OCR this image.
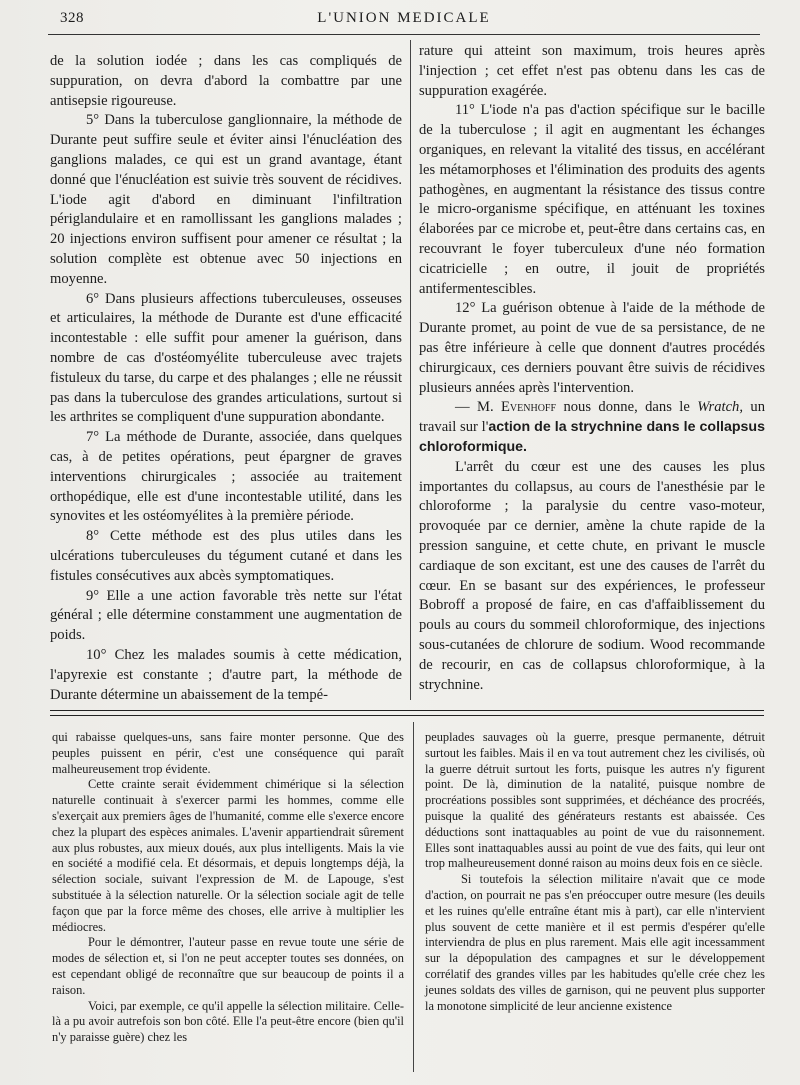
328	L'UNION MEDICALE

de la solution iodée ; dans les cas compliqués de suppuration, on devra d'abord la combattre par une antisepsie rigoureuse.

5° Dans la tuberculose ganglionnaire, la méthode de Durante peut suffire seule et éviter ainsi l'énucléation des ganglions malades, ce qui est un grand avantage, étant donné que l'énucléation est suivie très souvent de récidives. L'iode agit d'abord en diminuant l'infiltration périglandulaire et en ramollissant les ganglions malades ; 20 injections environ suffisent pour amener ce résultat ; la solution complète est obtenue avec 50 injections en moyenne.

6° Dans plusieurs affections tuberculeuses, osseuses et articulaires, la méthode de Durante est d'une efficacité incontestable : elle suffit pour amener la guérison, dans nombre de cas d'ostéomyélite tuberculeuse avec trajets fistuleux du tarse, du carpe et des phalanges ; elle ne réussit pas dans la tuberculose des grandes articulations, surtout si les arthrites se compliquent d'une suppuration abondante.

7° La méthode de Durante, associée, dans quelques cas, à de petites opérations, peut épargner de graves interventions chirurgicales ; associée au traitement orthopédique, elle est d'une incontestable utilité, dans les synovites et les ostéomyélites à la première période.

8° Cette méthode est des plus utiles dans les ulcérations tuberculeuses du tégument cutané et dans les fistules consécutives aux abcès symptomatiques.

9° Elle a une action favorable très nette sur l'état général ; elle détermine constamment une augmentation de poids.

10° Chez les malades soumis à cette médication, l'apyrexie est constante ; d'autre part, la méthode de Durante détermine un abaissement de la tempé-

rature qui atteint son maximum, trois heures après l'injection ; cet effet n'est pas obtenu dans les cas de suppuration exagérée.

11° L'iode n'a pas d'action spécifique sur le bacille de la tuberculose ; il agit en augmentant les échanges organiques, en relevant la vitalité des tissus, en accélérant les métamorphoses et l'élimination des produits des agents pathogènes, en augmentant la résistance des tissus contre le micro-organisme spécifique, en atténuant les toxines élaborées par ce microbe et, peut-être dans certains cas, en recouvrant le foyer tuberculeux d'une néo formation cicatricielle ; en outre, il jouit de propriétés antifermentescibles.

12° La guérison obtenue à l'aide de la méthode de Durante promet, au point de vue de sa persistance, de ne pas être inférieure à celle que donnent d'autres procédés chirurgicaux, ces derniers pouvant être suivis de récidives plusieurs années après l'intervention.

— M. Evenhoff nous donne, dans le Wratch, un travail sur l'action de la strychnine dans le collapsus chloroformique.

L'arrêt du cœur est une des causes les plus importantes du collapsus, au cours de l'anesthésie par le chloroforme ; la paralysie du centre vaso-moteur, provoquée par ce dernier, amène la chute rapide de la pression sanguine, et cette chute, en privant le muscle cardiaque de son excitant, est une des causes de l'arrêt du cœur. En se basant sur des expériences, le professeur Bobroff a proposé de faire, en cas d'affaiblissement du pouls au cours du sommeil chloroformique, des injections sous-cutanées de chlorure de sodium. Wood recommande de recourir, en cas de collapsus chloroformique, à la strychnine.

qui rabaisse quelques-uns, sans faire monter personne. Que des peuples puissent en périr, c'est une conséquence qui paraît malheureusement trop évidente.

Cette crainte serait évidemment chimérique si la sélection naturelle continuait à s'exercer parmi les hommes, comme elle s'exerçait aux premiers âges de l'humanité, comme elle s'exerce encore chez la plupart des espèces animales. L'avenir appartiendrait sûrement aux plus robustes, aux mieux doués, aux plus intelligents. Mais la vie en société a modifié cela. Et désormais, et depuis longtemps déjà, la sélection sociale, suivant l'expression de M. de Lapouge, s'est substituée à la sélection naturelle. Or la sélection sociale agit de telle façon que par la force même des choses, elle arrive à multiplier les médiocres.

Pour le démontrer, l'auteur passe en revue toute une série de modes de sélection et, si l'on ne peut accepter toutes ses données, on est cependant obligé de reconnaître que sur beaucoup de points il a raison.

Voici, par exemple, ce qu'il appelle la sélection militaire. Celle-là a pu avoir autrefois son bon côté. Elle l'a peut-être encore (bien qu'il n'y paraisse guère) chez les

peuplades sauvages où la guerre, presque permanente, détruit surtout les faibles. Mais il en va tout autrement chez les civilisés, où la guerre détruit surtout les forts, puisque les autres n'y figurent point. De là, diminution de la natalité, puisque nombre de procréations possibles sont supprimées, et déchéance des procréés, puisque la qualité des générateurs restants est abaissée. Ces déductions sont inattaquables au point de vue du raisonnement. Elles sont inattaquables aussi au point de vue des faits, qui leur ont trop malheureusement donné raison au moins deux fois en ce siècle.

Si toutefois la sélection militaire n'avait que ce mode d'action, on pourrait ne pas s'en préoccuper outre mesure (les deuils et les ruines qu'elle entraîne étant mis à part), car elle n'intervient plus souvent de cette manière et il est permis d'espérer qu'elle interviendra de plus en plus rarement. Mais elle agit incessamment sur la dépopulation des campagnes et sur le développement corrélatif des grandes villes par les habitudes qu'elle crée chez les jeunes soldats des villes de garnison, qui ne peuvent plus supporter la monotone simplicité de leur ancienne existence
